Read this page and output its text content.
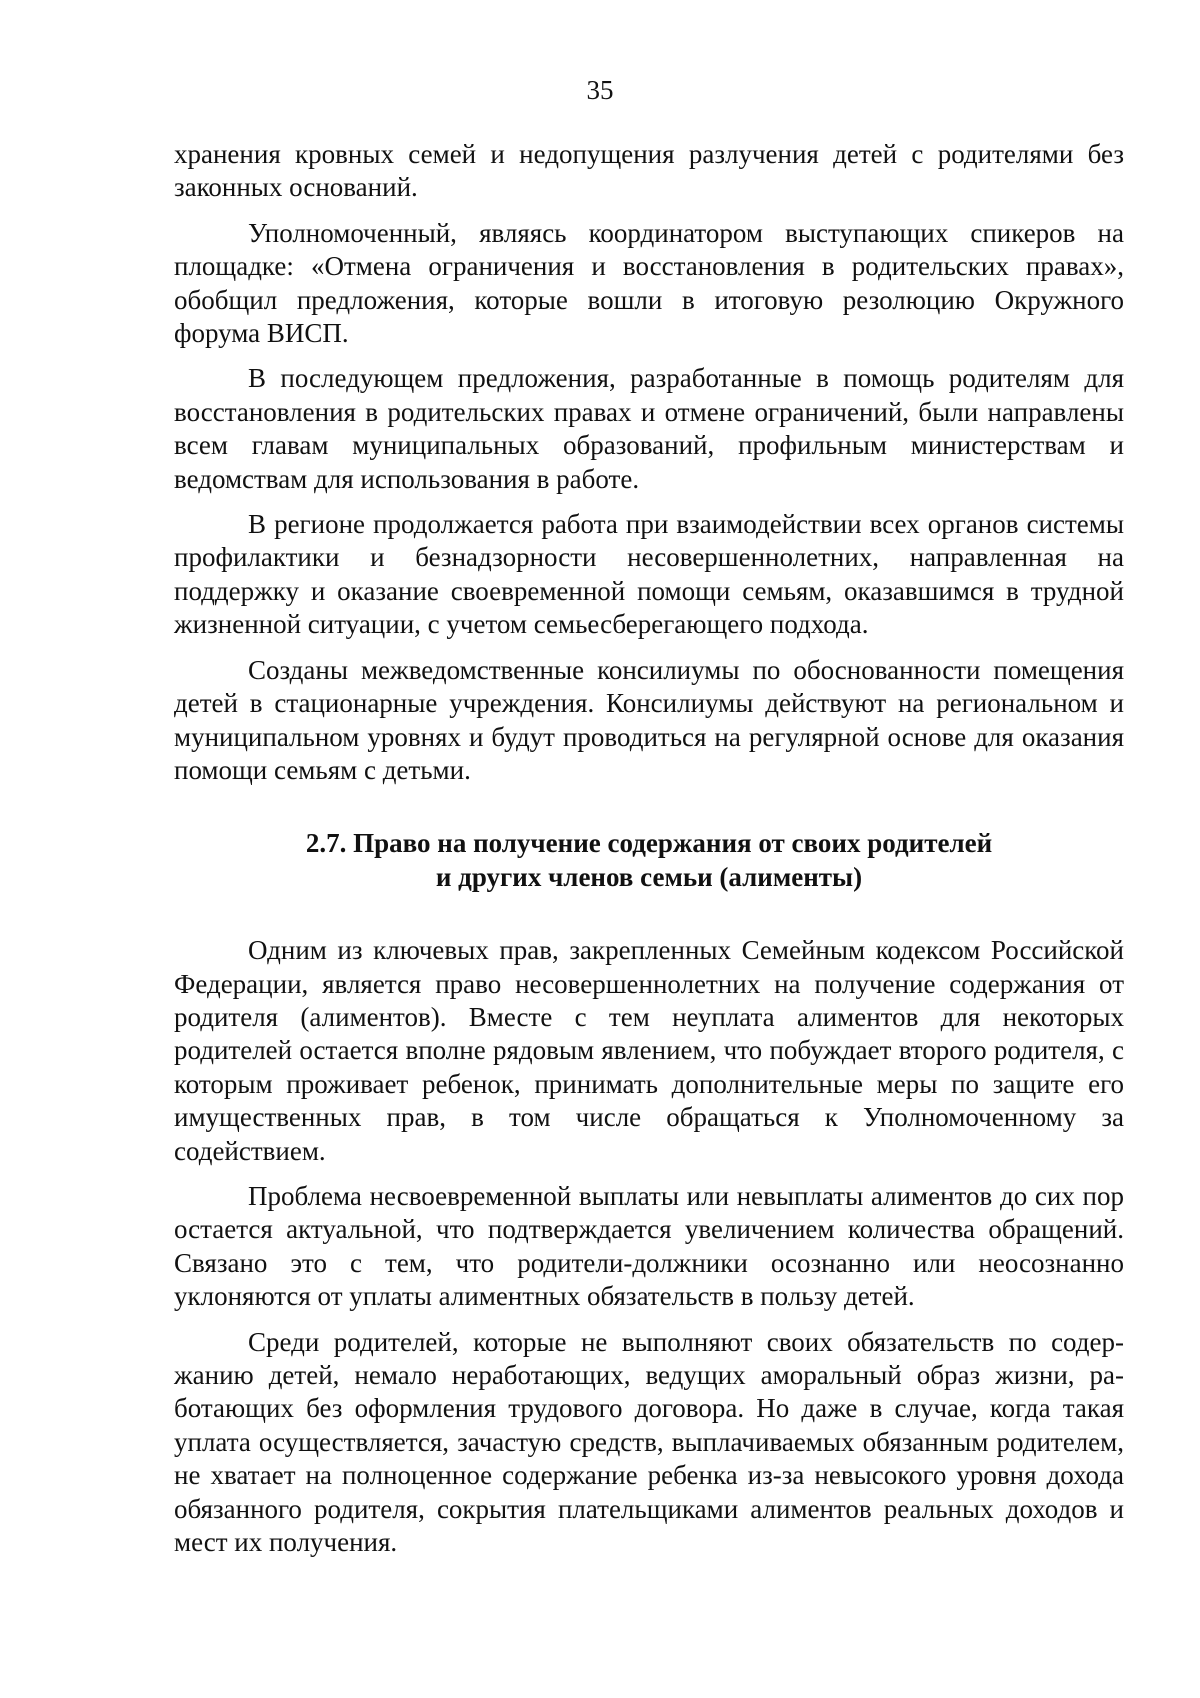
35

хранения кровных семей и недопущения разлучения детей с родителями без законных оснований.

Уполномоченный, являясь координатором выступающих спикеров на площадке: «Отмена ограничения и восстановления в родительских правах», обобщил предложения, которые вошли в итоговую резолюцию Окружного форума ВИСП.

В последующем предложения, разработанные в помощь родителям для восстановления в родительских правах и отмене ограничений, были направлены всем главам муниципальных образований, профильным министерствам и ведомствам для использования в работе.

В регионе продолжается работа при взаимодействии всех органов системы профилактики и безнадзорности несовершеннолетних, направленная на поддержку и оказание своевременной помощи семьям, оказавшимся в трудной жизненной ситуации, с учетом семьесберегающего подхода.

Созданы межведомственные консилиумы по обоснованности помещения детей в стационарные учреждения. Консилиумы действуют на региональном и муниципальном уровнях и будут проводиться на регулярной основе для оказания помощи семьям с детьми.

2.7. Право на получение содержания от своих родителей
и других членов семьи (алименты)

Одним из ключевых прав, закрепленных Семейным кодексом Российской Федерации, является право несовершеннолетних на получение содержания от родителя (алиментов). Вместе с тем неуплата алиментов для некоторых родителей остается вполне рядовым явлением, что побуждает второго родителя, с которым проживает ребенок, принимать дополнительные меры по защите его имущественных прав, в том числе обращаться к Уполномоченному за содействием.

Проблема несвоевременной выплаты или невыплаты алиментов до сих пор остается актуальной, что подтверждается увеличением количества обращений. Связано это с тем, что родители-должники осознанно или неосознанно уклоняются от уплаты алиментных обязательств в пользу детей.

Среди родителей, которые не выполняют своих обязательств по содержанию детей, немало неработающих, ведущих аморальный образ жизни, работающих без оформления трудового договора. Но даже в случае, когда такая уплата осуществляется, зачастую средств, выплачиваемых обязанным родителем, не хватает на полноценное содержание ребенка из-за невысокого уровня дохода обязанного родителя, сокрытия плательщиками алиментов реальных доходов и мест их получения.
